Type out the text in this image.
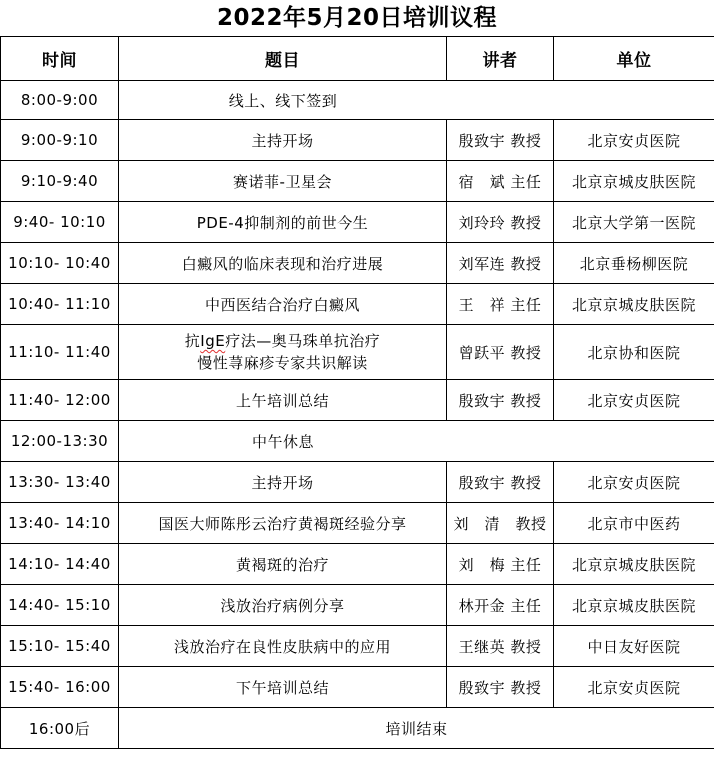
2022年5月20日培训议程
时间	题目	讲者	单位
8:00-9:00	线上、线下签到		

9:00-9:10	主持开场	殷致宇 教授	北京安贞医院
9:10-9:40	赛诺菲-卫星会	宿　斌 主任	北京京城皮肤医院
9:40- 10:10	PDE-4抑制剂的前世今生	刘玲玲 教授	北京大学第一医院
10:10- 10:40	白癜风的临床表现和治疗进展	刘军连 教授	北京垂杨柳医院
10:40- 11:10	中西医结合治疗白癜风	王　祥 主任	北京京城皮肤医院
11:10- 11:40	抗IgE疗法—奥马珠单抗治疗
慢性荨麻疹专家共识解读	曾跃平 教授	北京协和医院
11:40- 12:00	上午培训总结	殷致宇 教授	北京安贞医院
12:00-13:30	中午休息		

13:30- 13:40	主持开场	殷致宇 教授	北京安贞医院
13:40- 14:10	国医大师陈彤云治疗黄褐斑经验分享	刘　清　教授	北京市中医药
14:10- 14:40	黄褐斑的治疗	刘　梅 主任	北京京城皮肤医院
14:40- 15:10	浅放治疗病例分享	林开金 主任	北京京城皮肤医院
15:10- 15:40	浅放治疗在良性皮肤病中的应用	王继英 教授	中日友好医院
15:40- 16:00	下午培训总结	殷致宇 教授	北京安贞医院
16:00后	培训结束		
